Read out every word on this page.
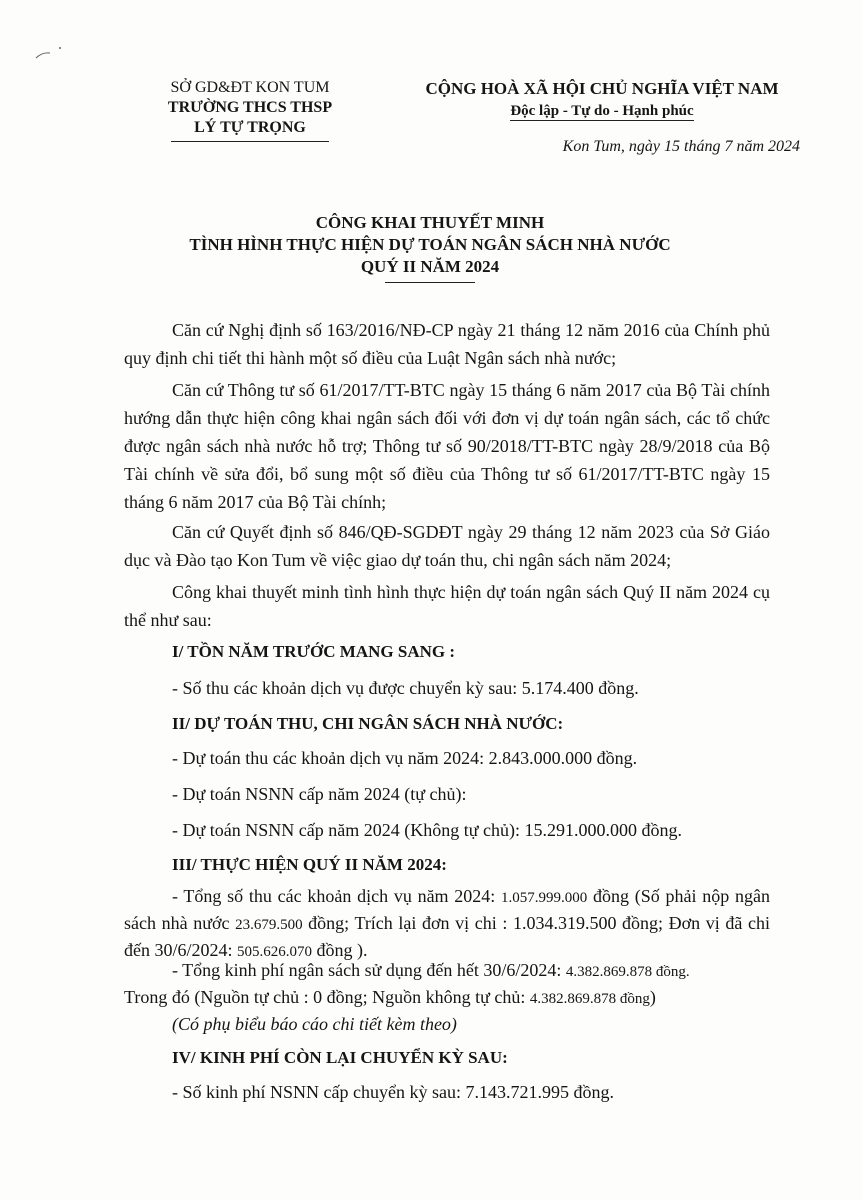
SỞ GD&ĐT KON TUM
TRƯỜNG THCS THSP
LÝ TỰ TRỌNG
CỘNG HOÀ XÃ HỘI CHỦ NGHĨA VIỆT NAM
Độc lập - Tự do - Hạnh phúc
Kon Tum, ngày 15 tháng 7 năm 2024
CÔNG KHAI THUYẾT MINH
TÌNH HÌNH THỰC HIỆN DỰ TOÁN NGÂN SÁCH NHÀ NƯỚC
QUÝ II NĂM 2024
Căn cứ Nghị định số 163/2016/NĐ-CP ngày 21 tháng 12 năm 2016 của Chính phủ quy định chi tiết thi hành một số điều của Luật Ngân sách nhà nước;
Căn cứ Thông tư số 61/2017/TT-BTC ngày 15 tháng 6 năm 2017 của Bộ Tài chính hướng dẫn thực hiện công khai ngân sách đối với đơn vị dự toán ngân sách, các tổ chức được ngân sách nhà nước hỗ trợ; Thông tư số 90/2018/TT-BTC ngày 28/9/2018 của Bộ Tài chính về sửa đổi, bổ sung một số điều của Thông tư số 61/2017/TT-BTC ngày 15 tháng 6 năm 2017 của Bộ Tài chính;
Căn cứ Quyết định số 846/QĐ-SGDĐT ngày 29 tháng 12 năm 2023 của Sở Giáo dục và Đào tạo Kon Tum về việc giao dự toán thu, chi ngân sách năm 2024;
Công khai thuyết minh tình hình thực hiện dự toán ngân sách Quý II năm 2024 cụ thể như sau:
I/ TỒN NĂM TRƯỚC MANG SANG :
- Số thu các khoản dịch vụ được chuyển kỳ sau: 5.174.400 đồng.
II/ DỰ TOÁN THU, CHI NGÂN SÁCH NHÀ NƯỚC:
- Dự toán thu các khoản dịch vụ năm 2024: 2.843.000.000 đồng.
- Dự toán NSNN cấp năm 2024 (tự chủ):
- Dự toán NSNN cấp năm 2024 (Không tự chủ): 15.291.000.000 đồng.
III/ THỰC HIỆN QUÝ II NĂM 2024:
- Tổng số thu các khoản dịch vụ năm 2024: 1.057.999.000 đồng (Số phải nộp ngân sách nhà nước 23.679.500 đồng; Trích lại đơn vị chi : 1.034.319.500 đồng; Đơn vị đã chi đến 30/6/2024: 505.626.070 đồng ).
- Tổng kinh phí ngân sách sử dụng đến hết 30/6/2024: 4.382.869.878 đồng.
Trong đó (Nguồn tự chủ : 0 đồng; Nguồn không tự chủ: 4.382.869.878 đồng)
(Có phụ biểu báo cáo chi tiết kèm theo)
IV/ KINH PHÍ CÒN LẠI CHUYỂN KỲ SAU:
- Số kinh phí NSNN cấp chuyển kỳ sau: 7.143.721.995 đồng.
